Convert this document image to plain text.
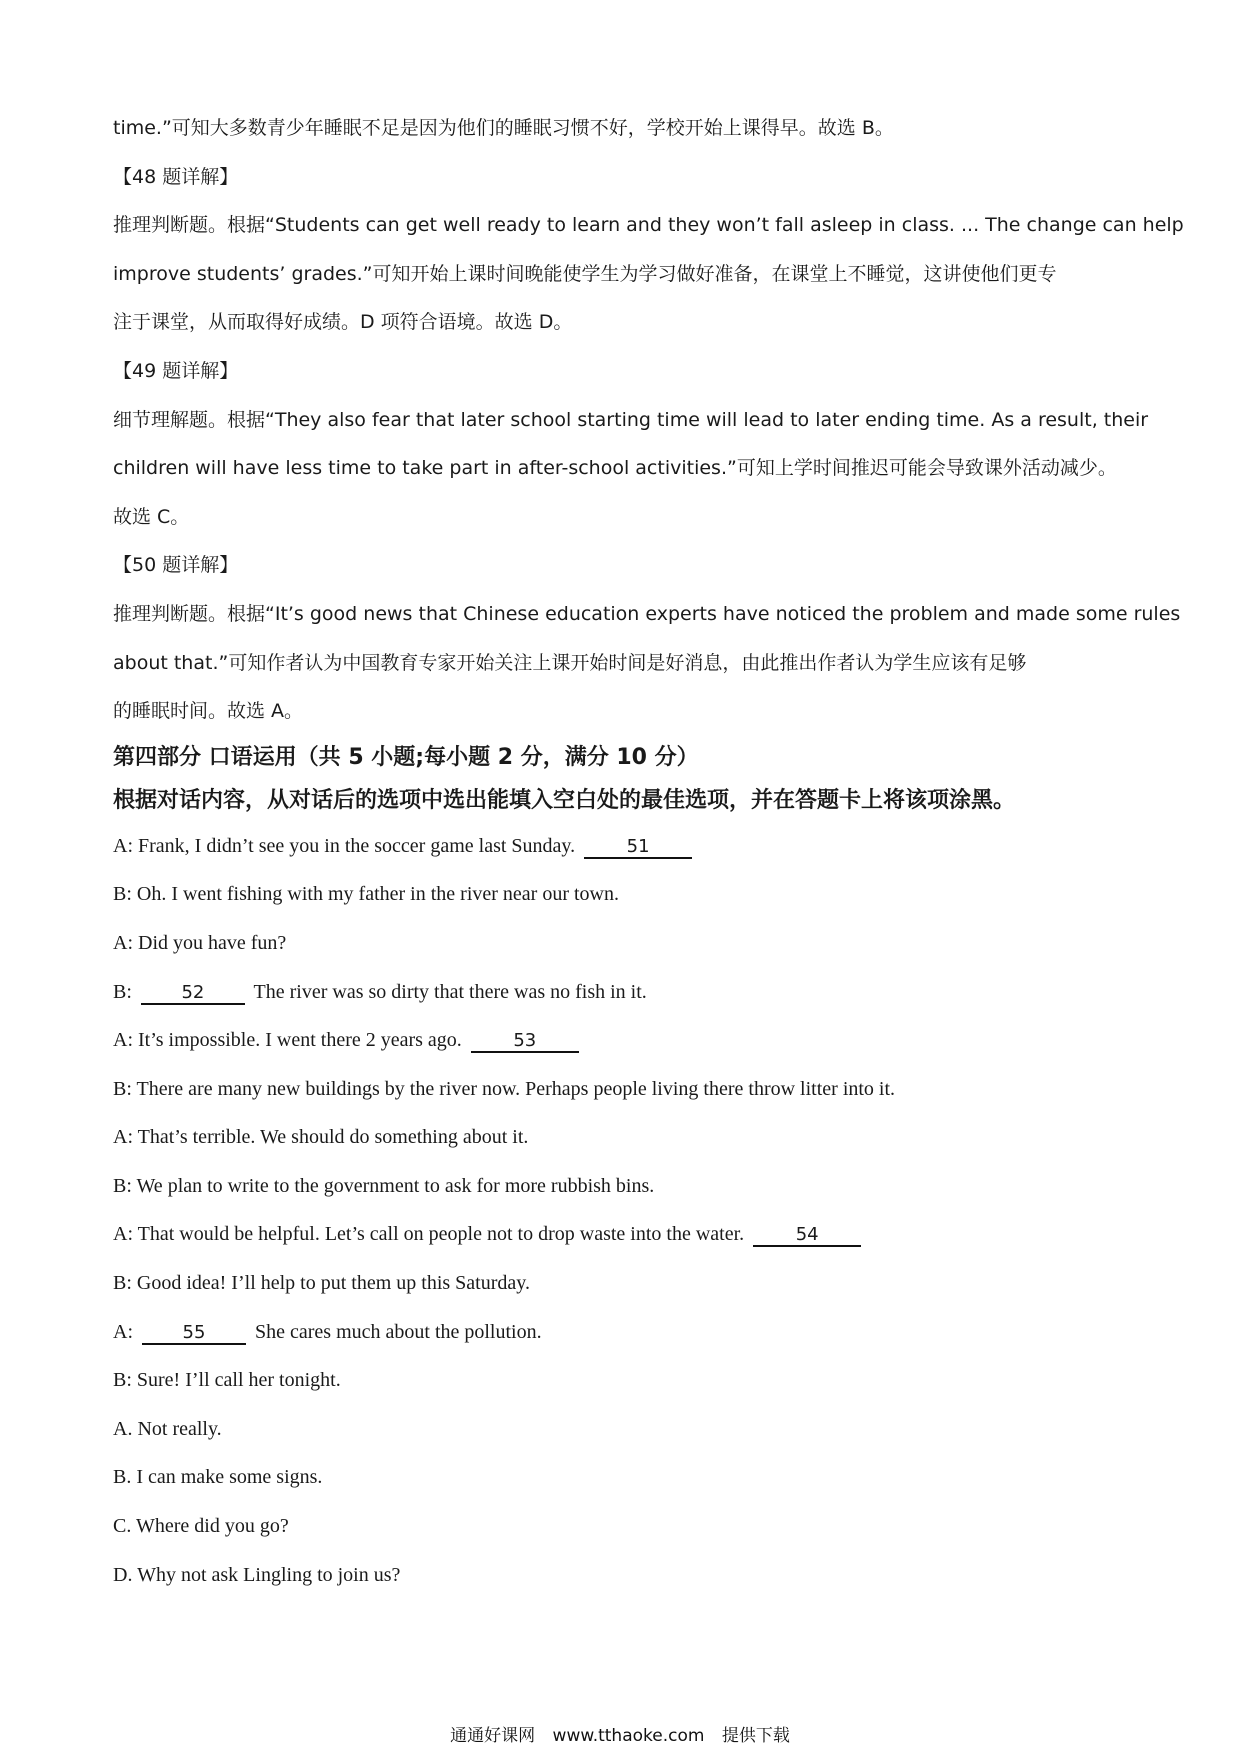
time.”可知大多数青少年睡眠不足是因为他们的睡眠习惯不好，学校开始上课得早。故选 B。
【48 题详解】
推理判断题。根据“Students can get well ready to learn and they won’t fall asleep in class. ... The change can help
improve students’ grades.”可知开始上课时间晚能使学生为学习做好准备，在课堂上不睡觉，这讲使他们更专
注于课堂，从而取得好成绩。D 项符合语境。故选 D。
【49 题详解】
细节理解题。根据“They also fear that later school starting time will lead to later ending time. As a result, their
children will have less time to take part in after-school activities.”可知上学时间推迟可能会导致课外活动减少。
故选 C。
【50 题详解】
推理判断题。根据“It’s good news that Chinese education experts have noticed the problem and made some rules
about that.”可知作者认为中国教育专家开始关注上课开始时间是好消息，由此推出作者认为学生应该有足够
的睡眠时间。故选 A。
第四部分 口语运用（共 5 小题;每小题 2 分，满分 10 分）
根据对话内容，从对话后的选项中选出能填入空白处的最佳选项，并在答题卡上将该项涂黑。
A: Frank, I didn’t see you in the soccer game last Sunday.	51
B: Oh. I went fishing with my father in the river near our town.
A: Did you have fun?
B:	52 The river was so dirty that there was no fish in it.
A: It’s impossible. I went there 2 years ago.	53
B: There are many new buildings by the river now. Perhaps people living there throw litter into it.
A: That’s terrible. We should do something about it.
B: We plan to write to the government to ask for more rubbish bins.
A: That would be helpful. Let’s call on people not to drop waste into the water.	54
B: Good idea! I’ll help to put them up this Saturday.
A:	55 She cares much about the pollution.
B: Sure! I’ll call her tonight.
A. Not really.
B. I can make some signs.
C. Where did you go?
D. Why not ask Lingling to join us?
通通好课网 www.tthaoke.com 提供下载
